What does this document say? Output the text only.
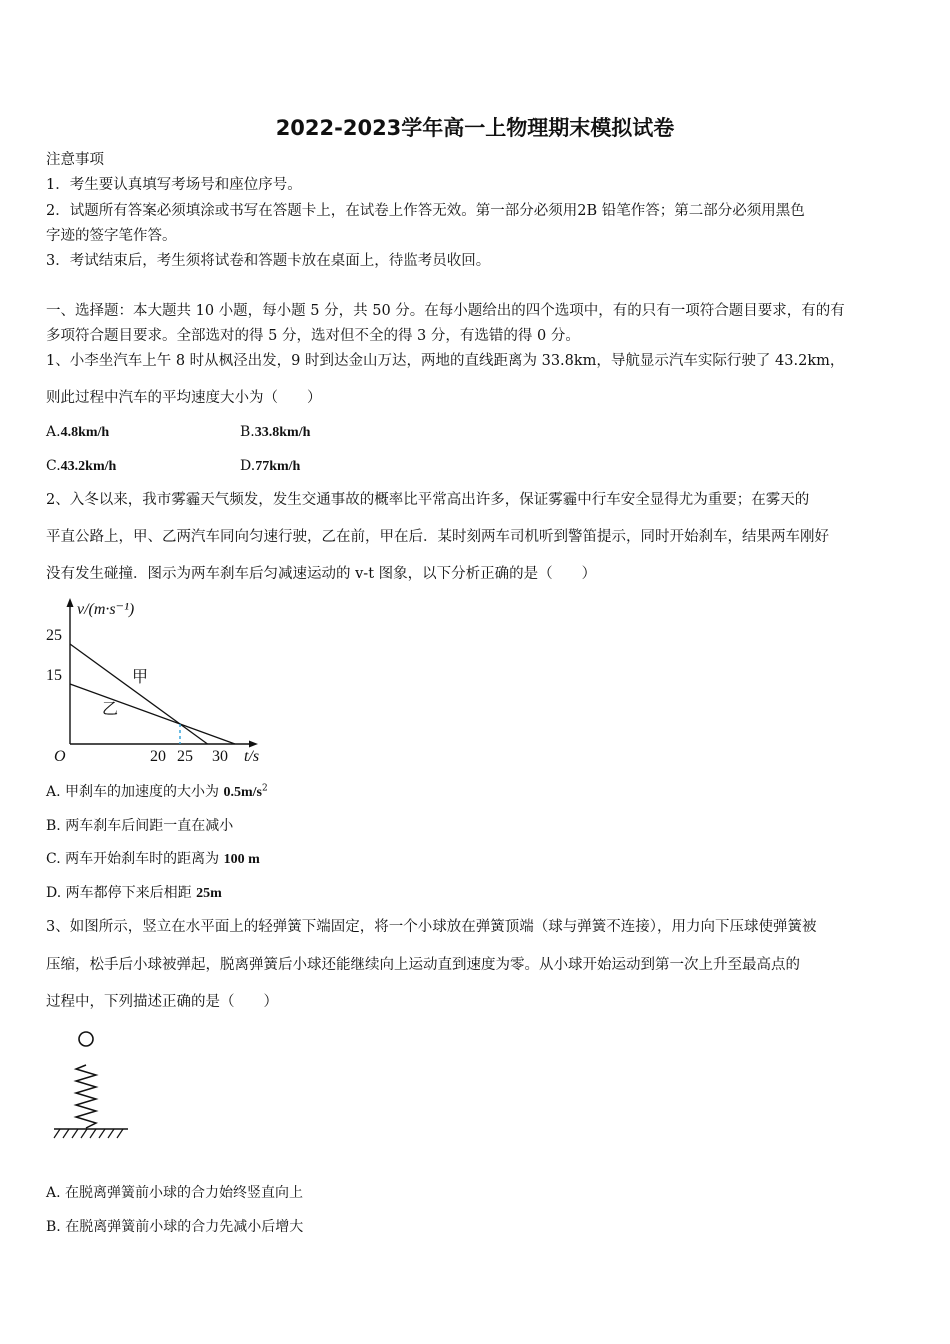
2022-2023学年高一上物理期末模拟试卷
注意事项
1．考生要认真填写考场号和座位序号。
2．试题所有答案必须填涂或书写在答题卡上，在试卷上作答无效。第一部分必须用2B 铅笔作答；第二部分必须用黑色
字迹的签字笔作答。
3．考试结束后，考生须将试卷和答题卡放在桌面上，待监考员收回。
一、选择题：本大题共 10 小题，每小题 5 分，共 50 分。在每小题给出的四个选项中，有的只有一项符合题目要求，有的有
多项符合题目要求。全部选对的得 5 分，选对但不全的得 3 分，有选错的得 0 分。
1、小李坐汽车上午 8 时从枫泾出发，9 时到达金山万达，两地的直线距离为 33.8km，导航显示汽车实际行驶了 43.2km，
则此过程中汽车的平均速度大小为（　　）
A.4.8km/h	B.33.8km/h
C.43.2km/h	D.77km/h
2、入冬以来，我市雾霾天气频发，发生交通事故的概率比平常高出许多，保证雾霾中行车安全显得尤为重要；在雾天的
平直公路上，甲、乙两汽车同向匀速行驶，乙在前，甲在后．某时刻两车司机听到警笛提示，同时开始刹车，结果两车刚好
没有发生碰撞．图示为两车刹车后匀减速运动的 v-t 图象，以下分析正确的是（　　）
v/(m·s⁻¹)
t/s
O
25
15
20 25 30
甲
乙
A. 甲刹车的加速度的大小为 $0.5m/s^2$
B. 两车刹车后间距一直在减小
C. 两车开始刹车时的距离为 100 m
D. 两车都停下来后相距 25m
3、如图所示，竖立在水平面上的轻弹簧下端固定，将一个小球放在弹簧顶端（球与弹簧不连接），用力向下压球使弹簧被
压缩，松手后小球被弹起，脱离弹簧后小球还能继续向上运动直到速度为零。从小球开始运动到第一次上升至最高点的
过程中，下列描述正确的是（　　）
A. 在脱离弹簧前小球的合力始终竖直向上
B. 在脱离弹簧前小球的合力先减小后增大
